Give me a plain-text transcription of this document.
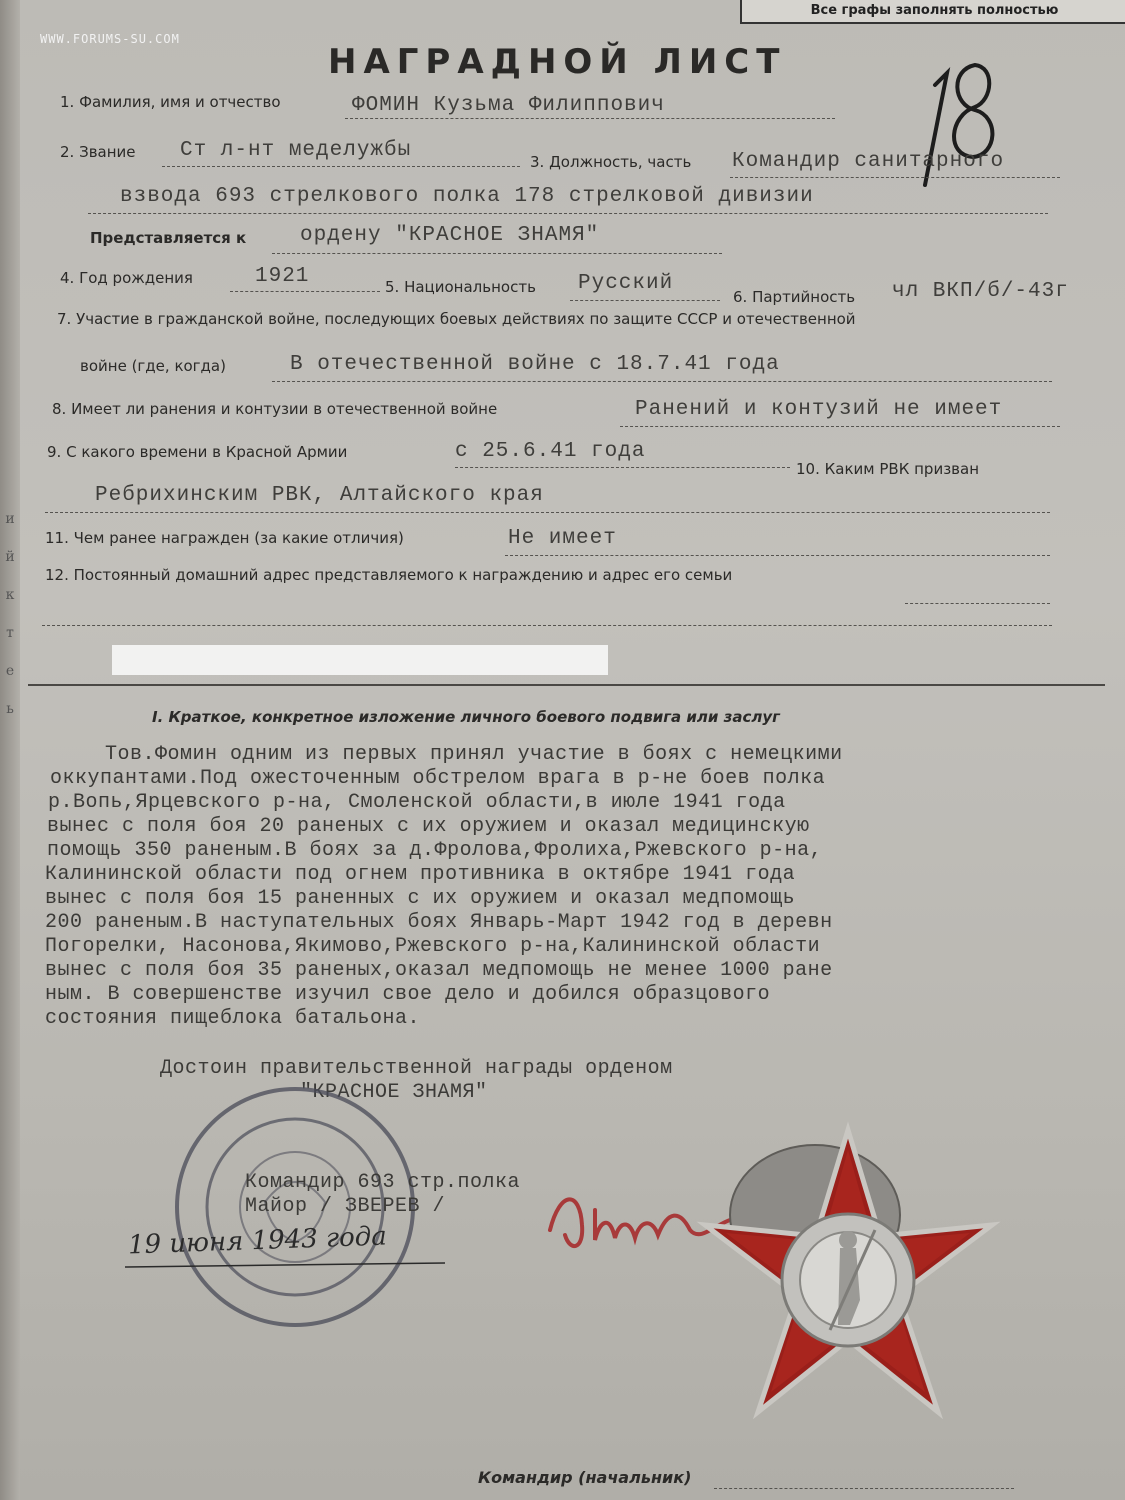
и
й
к
т
е
ь
WWW.FORUMS-SU.COM
Все графы заполнять полностью
НАГРАДНОЙ ЛИСТ
1. Фамилия, имя и отчество	ФОМИН Кузьма Филиппович
2. Звание Ст л-нт меделужбы	3. Должность, часть Командир санитарного
взвода 693 стрелкового полка 178 стрелковой дивизии
Представляется к	ордену "КРАСНОЕ ЗНАМЯ"
4. Год рождения	1921	5. Национальность Русский
6. Партийность чл ВКП/б/-43г
7. Участие в гражданской войне, последующих боевых действиях по защите СССР и отечественной
войне (где, когда)	В отечественной войне с 18.7.41 года
8. Имеет ли ранения и контузии в отечественной войне	Ранений и контузий не имеет
9. С какого времени в Красной Армии	с 25.6.41 года
10. Каким РВК призван
Ребрихинским РВК, Алтайского края
11. Чем ранее награжден (за какие отличия)	Не имеет
12. Постоянный домашний адрес представляемого к награждению и адрес его семьи
I. Краткое, конкретное изложение личного боевого подвига или заслуг
Тов.Фомин одним из первых принял участие в боях с немецкими
оккупантами.Под ожесточенным обстрелом врага в р-не боев полка
р.Вопь,Ярцевского р-на, Смоленской области,в июле 1941 года
вынес с поля боя 20 раненых с их оружием и оказал медицинскую
помощь 350 раненым.В боях за д.Фролова,Фролиха,Ржевского р-на,
Калининской области под огнем противника в октябре 1941 года
вынес с поля боя 15 раненных с их оружием и оказал медпомощь
200 раненым.В наступательных боях Январь-Март 1942 год в деревн
Погорелки, Насонова,Якимово,Ржевского р-на,Калининской области
вынес с поля боя 35 раненых,оказал медпомощь не менее 1000 ране
ным. В совершенстве изучил свое дело и добился образцового
состояния пищеблока батальона.
Достоин правительственной награды орденом
"КРАСНОЕ ЗНАМЯ"
Командир 693 стр.полка
Майор / ЗВЕРЕВ /
19 июня 1943 года
Командир (начальник)
